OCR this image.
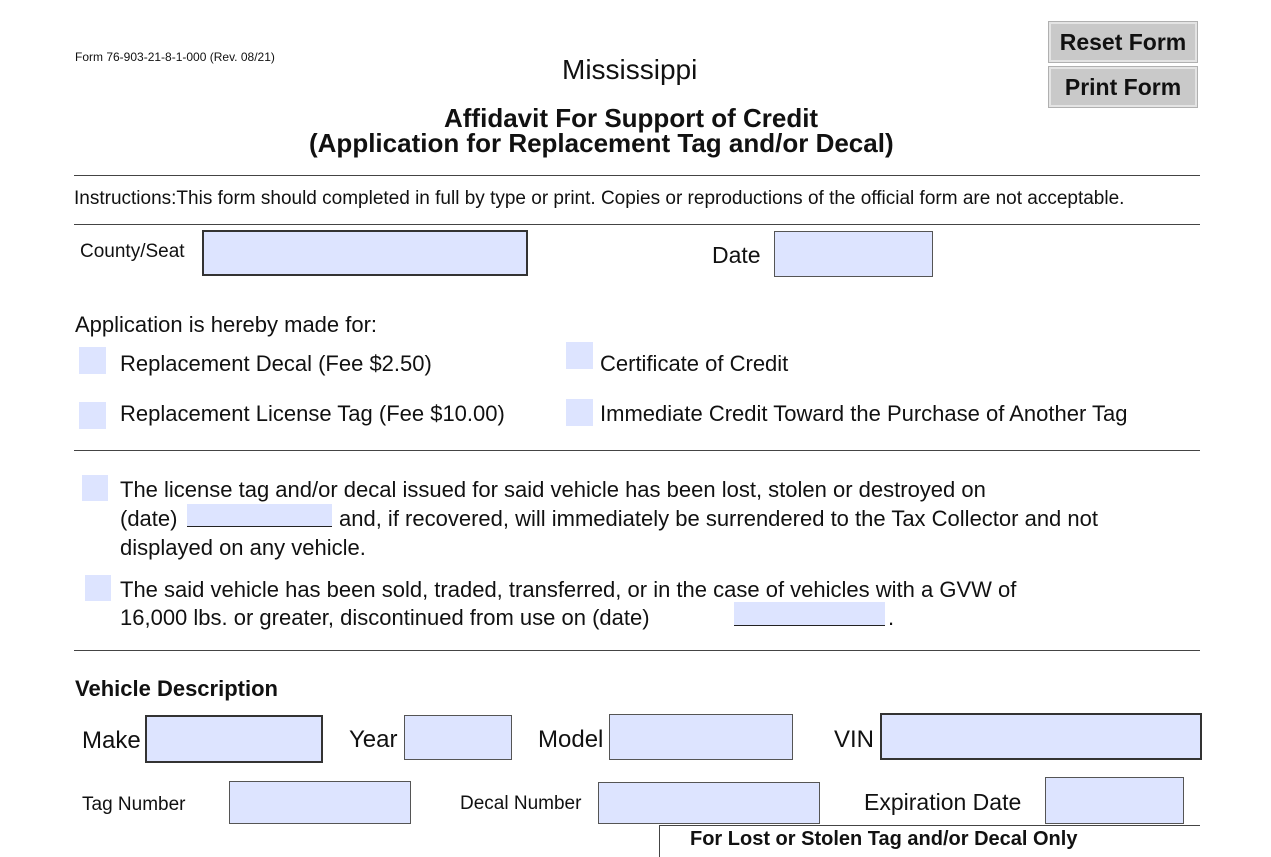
Form 76-903-21-8-1-000 (Rev. 08/21)	Mississippi
Affidavit For Support of Credit
(Application for Replacement Tag and/or Decal)
Reset Form
Print Form
Instructions:This form should completed in full by type or print. Copies or reproductions of the official form are not acceptable.
County/Seat	Date
Application is hereby made for:
Replacement Decal (Fee $2.50)	Certificate of Credit
Replacement License Tag (Fee $10.00)	Immediate Credit Toward the Purchase of Another Tag
The license tag and/or decal issued for said vehicle has been lost, stolen or destroyed on
(date)	and, if recovered, will immediately be surrendered to the Tax Collector and not
displayed on any vehicle.
The said vehicle has been sold, traded, transferred, or in the case of vehicles with a GVW of
16,000 lbs. or greater, discontinued from use on (date)	.
Vehicle Description
Make	Year	Model	VIN
Tag Number	Decal Number	Expiration Date
For Lost or Stolen Tag and/or Decal Only
